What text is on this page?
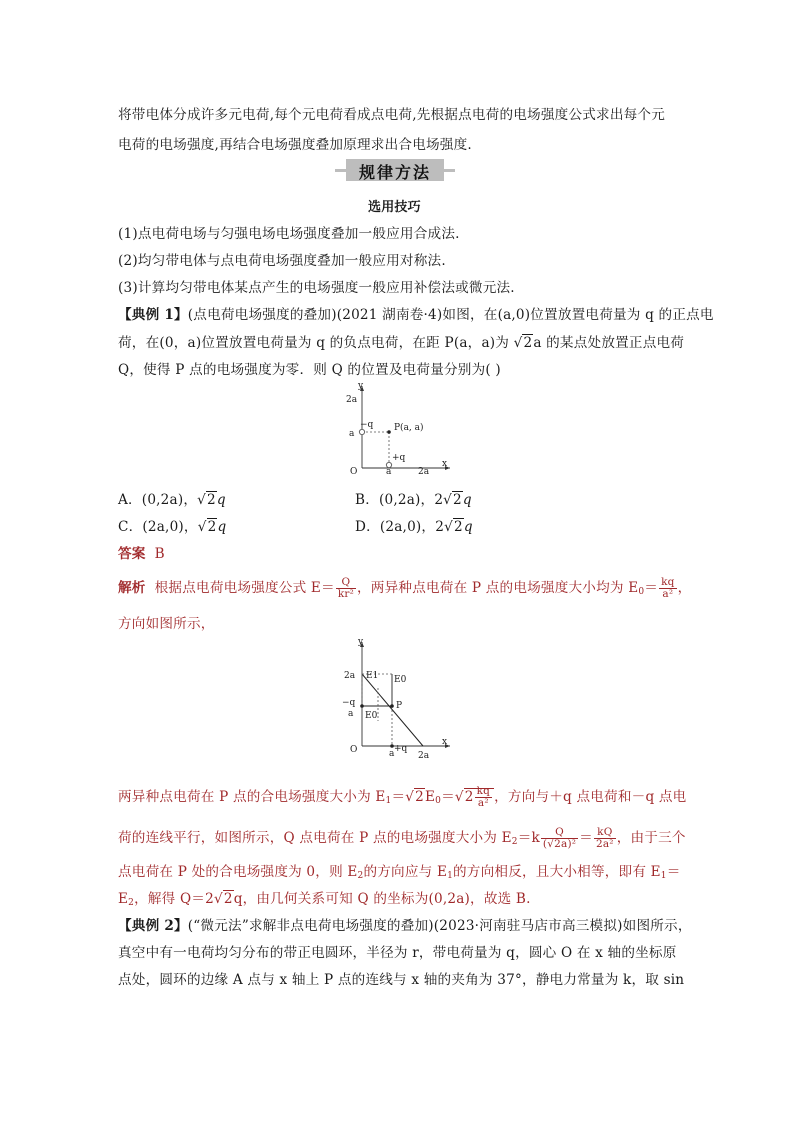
将带电体分成许多元电荷,每个元电荷看成点电荷,先根据点电荷的电场强度公式求出每个元
电荷的电场强度,再结合电场强度叠加原理求出合电场强度.
规律方法
选用技巧
(1)点电荷电场与匀强电场电场强度叠加一般应用合成法.
(2)均匀带电体与点电荷电场强度叠加一般应用对称法.
(3)计算均匀带电体某点产生的电场强度一般应用补偿法或微元法.
【典例 1】(点电荷电场强度的叠加)(2021 湖南卷·4)如图，在(a,0)位置放置电荷量为 q 的正点电
荷，在(0，a)位置放置电荷量为 q 的负点电荷，在距 P(a，a)为 √2a 的某点处放置正点电荷
Q，使得 P 点的电场强度为零．则 Q 的位置及电荷量分别为( )
y
x
O
2a
a
a	2a
−q
+q
P(a, a)
A．(0,2a)，√2q	B．(0,2a)，2√2q
C．(2a,0)，√2q	D．(2a,0)，2√2q
答案 B
解析 根据点电荷电场强度公式 $E= \frac{Q}{\text{kr²}}$ ，两异种点电荷在 P 点的电场强度大小均为 $E_0= \frac{kq}{\text{a²}}$ ，
方向如图所示，
y
x
O
2a
a
a	2a
−q
+q
P
E1 E0
E0
两异种点电荷在 P 点的合电场强度大小为 $E_1=√2E_0=√2 \frac{kq}{\text{a²}}$ ，方向与＋q 点电荷和－q 点电
荷的连线平行，如图所示，Q 点电荷在 P 点的电场强度大小为 $E_2=k \frac{Q}{\text{(√2a)²}} = \frac{kQ}{\text{2a²}}$ ，由于三个
点电荷在 P 处的合电场强度为 0，则 $E_2$的方向应与 $E_1$的方向相反，且大小相等，即有 $E_1=$
$E_2$，解得 Q＝2√2q，由几何关系可知 Q 的坐标为(0,2a)，故选 B.
【典例 2】(“微元法”求解非点电荷电场强度的叠加)(2023·河南驻马店市高三模拟)如图所示，
真空中有一电荷均匀分布的带正电圆环，半径为 r，带电荷量为 q，圆心 O 在 x 轴的坐标原
点处，圆环的边缘 A 点与 x 轴上 P 点的连线与 x 轴的夹角为 37°，静电力常量为 k，取 sin
